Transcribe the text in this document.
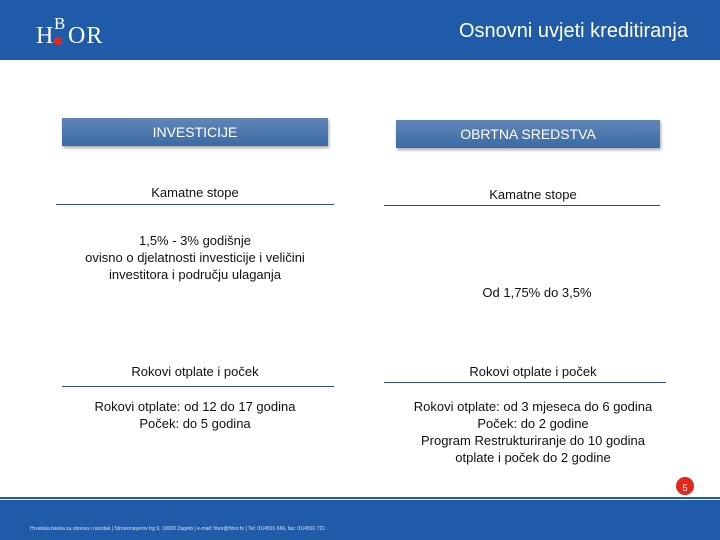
H B OR	Osnovni uvjeti kreditiranja
INVESTICIJE
Kamatne stope
1,5% - 3% godišnje
ovisno o djelatnosti investicije i veličini
investitora i području ulaganja
Rokovi otplate i poček
Rokovi otplate: od 12 do 17 godina
Poček: do 5 godina
OBRTNA SREDSTVA
Kamatne stope
Od 1,75% do 3,5%
Rokovi otplate i poček
Rokovi otplate: od 3 mjeseca do 6 godina
Poček: do 2 godine
Program Restrukturiranje do 10 godina
otplate i poček do 2 godine
Hrvatska banka za obnovu i razvitak | Strossmayerov trg 9, 10000 Zagreb | e-mail: hbor@hbor.hr | Tel: 01/4591 666, fax: 01/4591 721
5
